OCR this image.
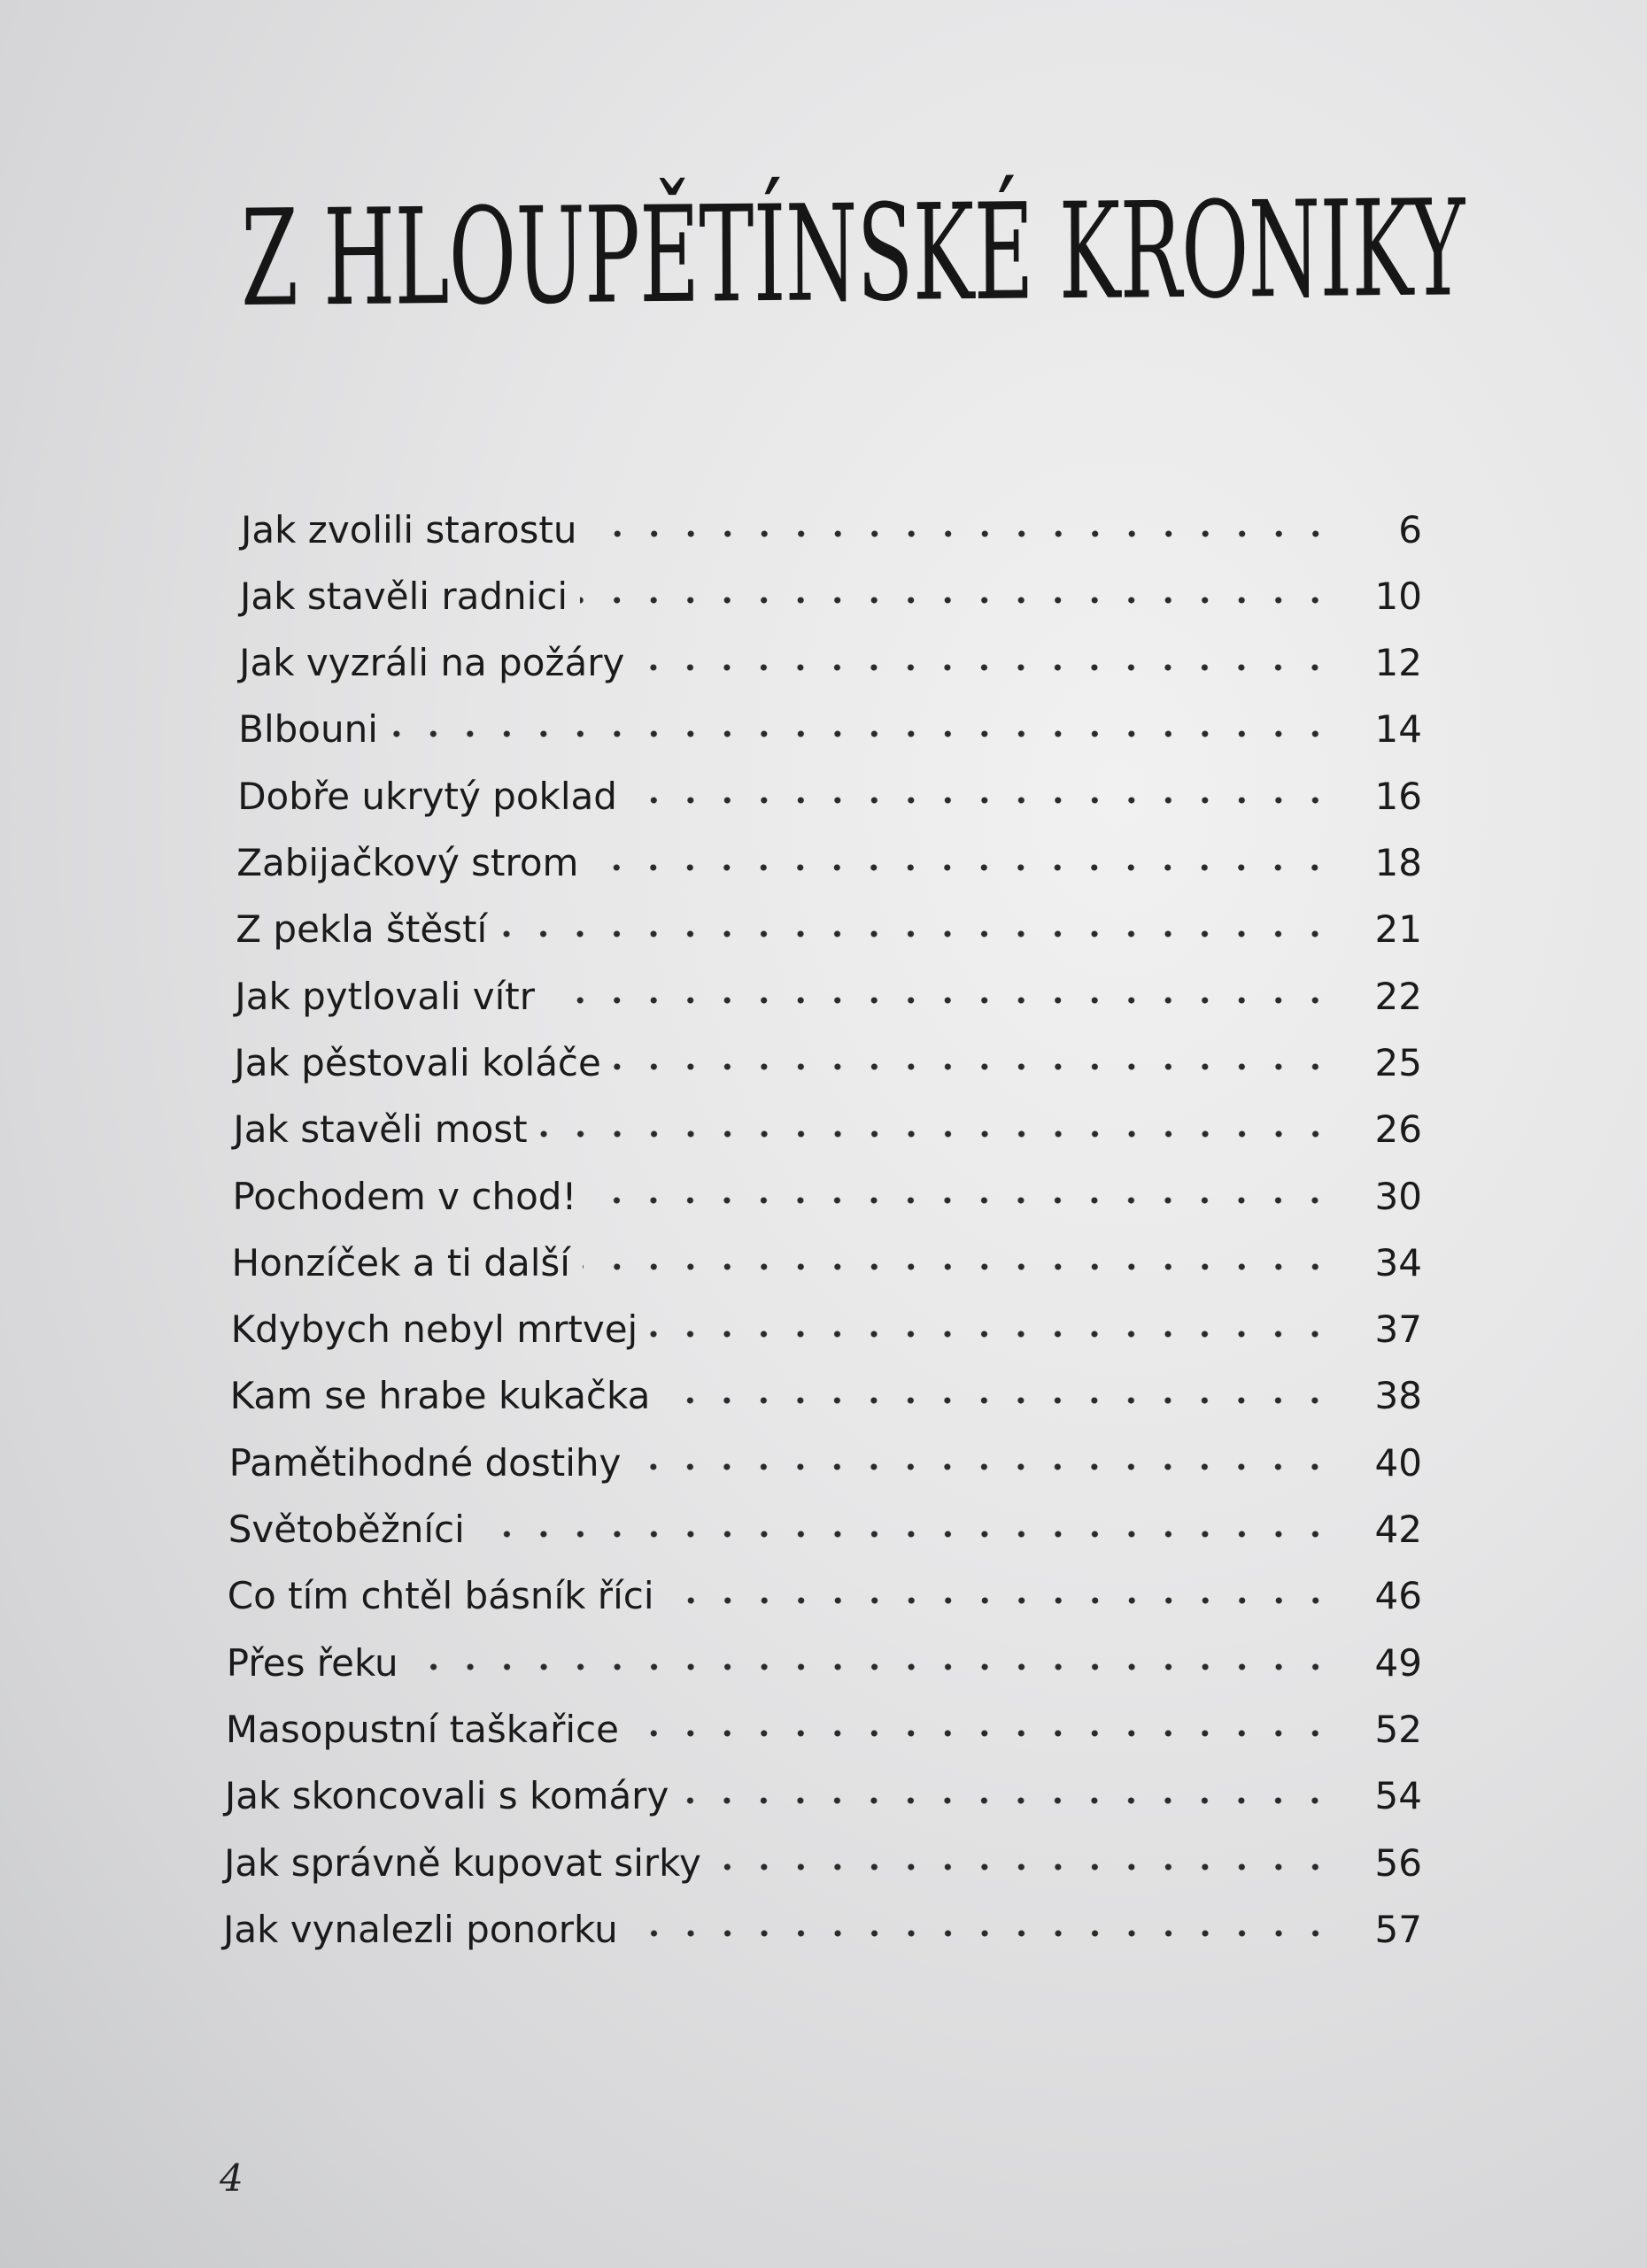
Z HLOUPĚTÍNSKÉ KRONIKY
Jak zvolili starostu	6
Jak stavěli radnici	10
Jak vyzráli na požáry	12
Blbouni	14
Dobře ukrytý poklad	16
Zabijačkový strom	18
Z pekla štěstí	21
Jak pytlovali vítr	22
Jak pěstovali koláče	25
Jak stavěli most	26
Pochodem v chod!	30
Honzíček a ti další	34
Kdybych nebyl mrtvej	37
Kam se hrabe kukačka	38
Pamětihodné dostihy	40
Světoběžníci	42
Co tím chtěl básník říci	46
Přes řeku	49
Masopustní taškařice	52
Jak skoncovali s komáry	54
Jak správně kupovat sirky	56
Jak vynalezli ponorku	57
4
